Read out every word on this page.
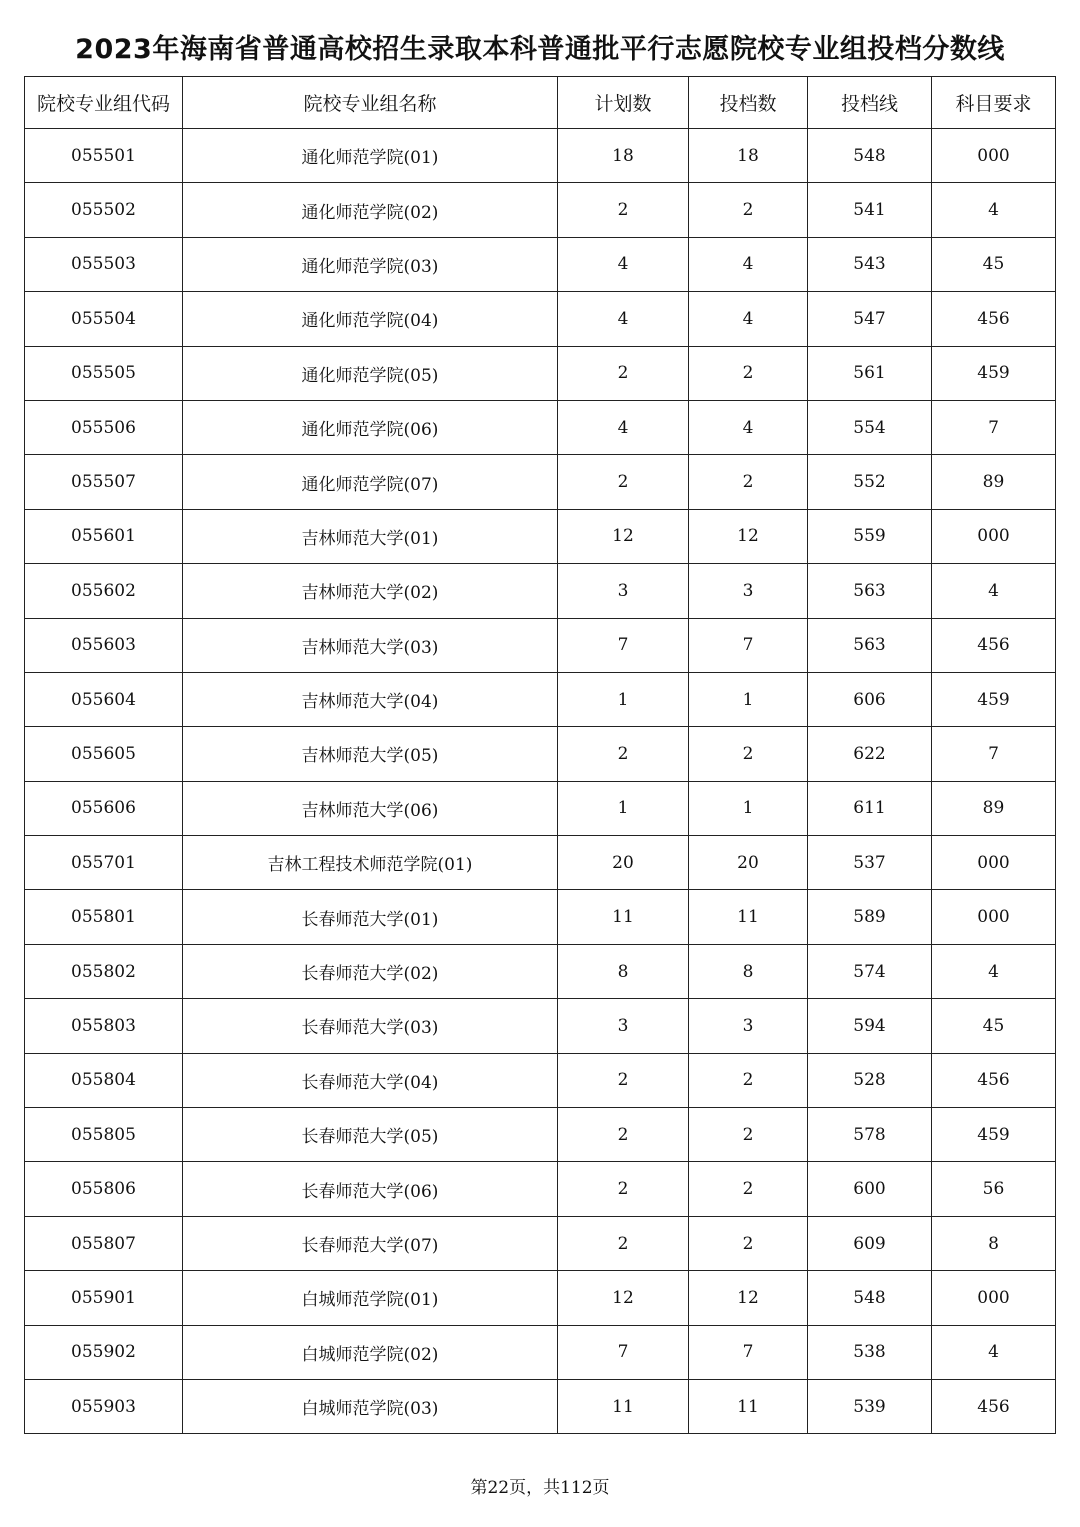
2023年海南省普通高校招生录取本科普通批平行志愿院校专业组投档分数线
院校专业组代码	院校专业组名称	计划数	投档数	投档线	科目要求
055501	通化师范学院(01)	18	18	548	000
055502	通化师范学院(02)	2	2	541	4
055503	通化师范学院(03)	4	4	543	45
055504	通化师范学院(04)	4	4	547	456
055505	通化师范学院(05)	2	2	561	459
055506	通化师范学院(06)	4	4	554	7
055507	通化师范学院(07)	2	2	552	89
055601	吉林师范大学(01)	12	12	559	000
055602	吉林师范大学(02)	3	3	563	4
055603	吉林师范大学(03)	7	7	563	456
055604	吉林师范大学(04)	1	1	606	459
055605	吉林师范大学(05)	2	2	622	7
055606	吉林师范大学(06)	1	1	611	89
055701	吉林工程技术师范学院(01)	20	20	537	000
055801	长春师范大学(01)	11	11	589	000
055802	长春师范大学(02)	8	8	574	4
055803	长春师范大学(03)	3	3	594	45
055804	长春师范大学(04)	2	2	528	456
055805	长春师范大学(05)	2	2	578	459
055806	长春师范大学(06)	2	2	600	56
055807	长春师范大学(07)	2	2	609	8
055901	白城师范学院(01)	12	12	548	000
055902	白城师范学院(02)	7	7	538	4
055903	白城师范学院(03)	11	11	539	456
第22页，共112页
